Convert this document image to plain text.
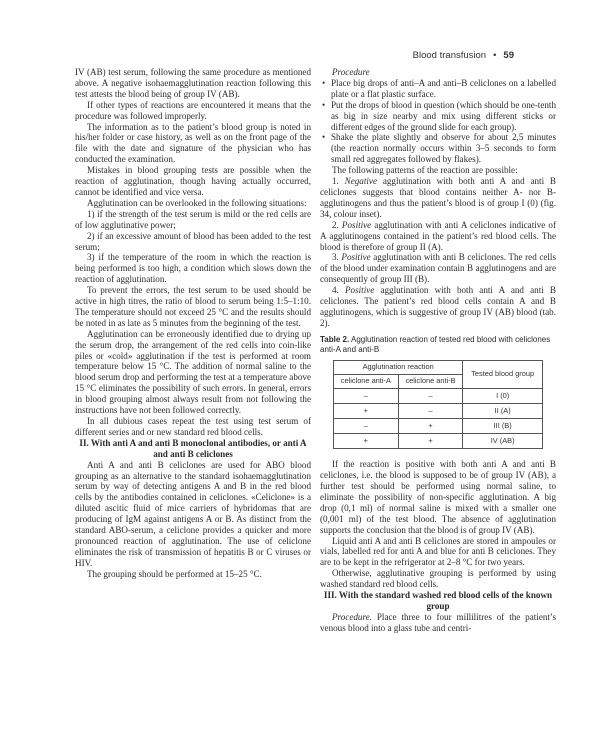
Blood transfusion • 59

IV (AB) test serum, following the same procedure as mentioned above. A negative isohaemagglutination reaction following this test attests the blood being of group IV (AB).

If other types of reactions are encountered it means that the procedure was followed improperly.

The information as to the patient’s blood group is noted in his/her folder or case history, as well as on the front page of the file with the date and signature of the physician who has conducted the examination.

Mistakes in blood grouping tests are possible when the reaction of agglutination, though having actually occurred, cannot be identified and vice versa.

Agglutination can be overlooked in the following situations:

1) if the strength of the test serum is mild or the red cells are of low agglutinative power;

2) if an excessive amount of blood has been added to the test serum;

3) if the temperature of the room in which the reaction is being performed is too high, a condition which slows down the reaction of agglutination.

To prevent the errors, the test serum to be used should be active in high titres, the ratio of blood to serum being 1:5–1:10. The temperature should not exceed 25 °C and the results should be noted in as late as 5 minutes from the beginning of the test.

Agglutination can be erroneously identified due to drying up the serum drop, the arrangement of the red cells into coin-like piles or «cold» agglutination if the test is performed at room temperature below 15 °C. The addition of normal saline to the blood serum drop and performing the test at a temperature above 15 °C eliminates the possibility of such errors. In general, errors in blood grouping almost always result from not following the instructions have not been followed correctly.

In all dubious cases repeat the test using test serum of different series and or new standard red blood cells.

II. With anti A and anti B monoclonal antibodies, or anti A and anti B celiclones

Anti A and anti B celiclones are used for ABO blood grouping as an alternative to the standard isohaemagglutination serum by way of detecting antigens A and B in the red blood cells by the antibodies contained in celiclones. «Celiclone» is a diluted ascitic fluid of mice carriers of hybridomas that are producing of IgM against antigens A or B. As distinct from the standard ABO-serum, a celiclone provides a quicker and more pronounced reaction of agglutination. The use of celiclone eliminates the risk of transmission of hepatitis B or C viruses or HIV.

The grouping should be performed at 15–25 °C.

Procedure

• Place big drops of anti–A and anti–B celiclones on a labelled plate or a flat plastic surface.
• Put the drops of blood in question (which should be one-tenth as big in size nearby and mix using different sticks or different edges of the ground slide for each group).
• Shake the plate slightly and observe for about 2,5 minutes (the reaction normally occurs within 3–5 seconds to form small red aggregates followed by flakes).

The following patterns of the reaction are possible:

1. Negative agglutination with both anti A and anti B celiclones suggests that blood contains neither A- nor B-agglutinogens and thus the patient’s blood is of group I (0) (fig. 34, colour inset).

2. Positive agglutination with anti A celiclones indicative of A agglutinogens contained in the patient’s red blood cells. The blood is therefore of group II (A).

3. Positive agglutination with anti B celiclones. The red cells of the blood under examination contain B agglutinogens and are consequently of group III (B).

4. Positive agglutination with both anti A and anti B celiclones. The patient’s red blood cells contain A and B agglutinogens, which is suggestive of group IV (AB) blood (tab. 2).

Table 2. Agglutination reaction of tested red blood with celiclones anti-A and anti-B
Agglutination reaction		Tested blood group
celiclone anti-A	celiclone anti-B	
–	–	I (0)
+	–	II (A)
–	+	III (B)
+	+	IV (AB)

If the reaction is positive with both anti A and anti B celiclones, i.e. the blood is supposed to be of group IV (AB), a further test should be performed using normal saline, to eliminate the possibility of non-specific agglutination. A big drop (0,1 ml) of normal saline is mixed with a smaller one (0,001 ml) of the test blood. The absence of agglutination supports the conclusion that the blood is of group IV (AB).

Liquid anti A and anti B celiclones are stored in ampoules or vials, labelled red for anti A and blue for anti B celiclones. They are to be kept in the refrigerator at 2–8 °C for two years.

Otherwise, agglutinative grouping is performed by using washed standard red blood cells.

III. With the standard washed red blood cells of the known group

Procedure. Place three to four millilitres of the patient’s venous blood into a glass tube and centri-
